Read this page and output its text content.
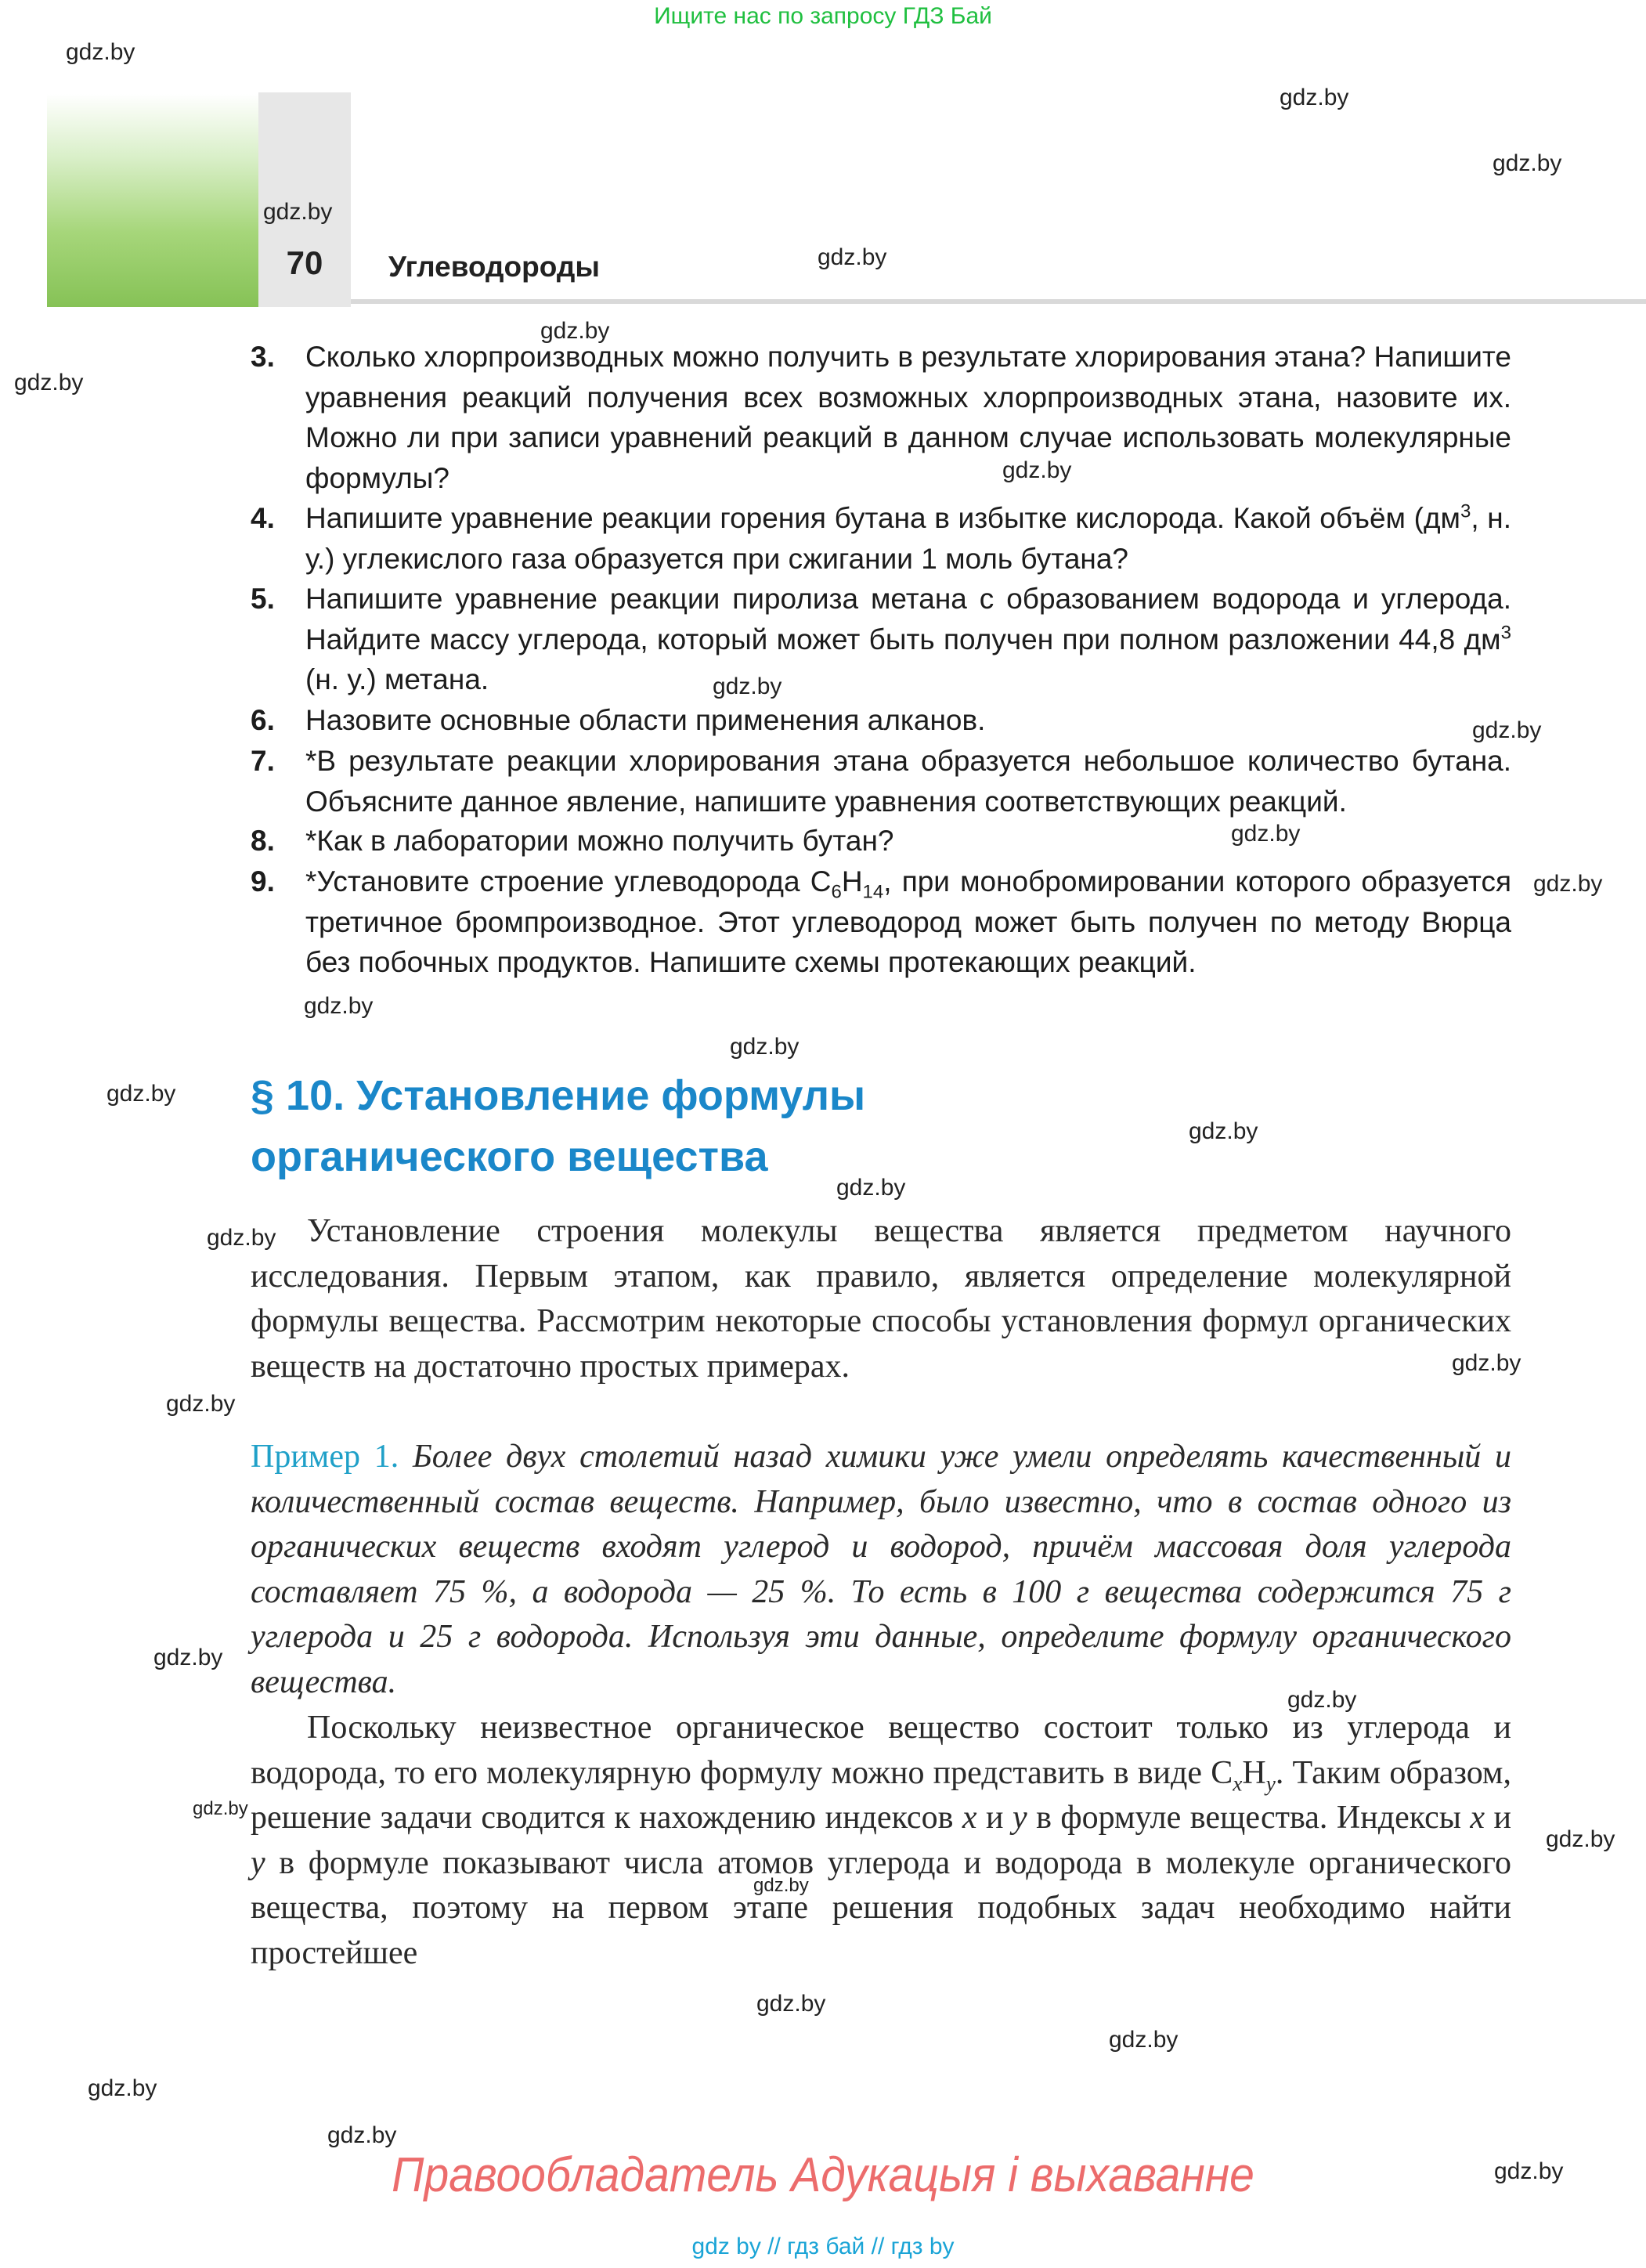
Ищите нас по запросу ГДЗ Бай
70	Углеводороды
gdz.by
gdz.by
gdz.by
gdz.by
gdz.by
gdz.by
gdz.by
gdz.by
gdz.by
gdz.by
gdz.by
gdz.by
gdz.by
gdz.by
gdz.by
gdz.by
gdz.by
gdz.by
gdz.by
gdz.by
gdz.by
gdz.by
gdz.by
gdz.by
gdz.by
gdz.by
gdz.by
gdz.by
gdz.by
gdz.by
3. Сколько хлорпроизводных можно получить в результате хлорирования этана? Напишите уравнения реакций получения всех возможных хлорпроизводных этана, назовите их. Можно ли при записи уравнений реакций в данном случае использовать молекулярные формулы?
4. Напишите уравнение реакции горения бутана в избытке кислорода. Какой объём ($дм^3$, н. у.) углекислого газа образуется при сжигании 1 моль бутана?
5. Напишите уравнение реакции пиролиза метана с образованием водорода и углерода. Найдите массу углерода, который может быть получен при полном разложении 44,8 $дм^3$ (н. у.) метана.
6. Назовите основные области применения алканов.
7. *В результате реакции хлорирования этана образуется небольшое количество бутана. Объясните данное явление, напишите уравнения соответствующих реакций.
8. *Как в лаборатории можно получить бутан?
9. *Установите строение углеводорода $C_6H_{14}$, при монобромировании которого образуется третичное бромпроизводное. Этот углеводород может быть получен по методу Вюрца без побочных продуктов. Напишите схемы протекающих реакций.
§ 10. Установление формулы
органического вещества
Установление строения молекулы вещества является предметом научного исследования. Первым этапом, как правило, является определение молекулярной формулы вещества. Рассмотрим некоторые способы установления формул органических веществ на достаточно простых примерах.
Пример 1. Более двух столетий назад химики уже умели определять качественный и количественный состав веществ. Например, было известно, что в состав одного из органических веществ входят углерод и водород, причём массовая доля углерода составляет 75 %, а водорода — 25 %. То есть в 100 г вещества содержится 75 г углерода и 25 г водорода. Используя эти данные, определите формулу органического вещества.
Поскольку неизвестное органическое вещество состоит только из углерода и водорода, то его молекулярную формулу можно представить в виде $C_xH_y$. Таким образом, решение задачи сводится к нахождению индексов x и y в формуле вещества. Индексы x и y в формуле показывают числа атомов углерода и водорода в молекуле органического вещества, поэтому на первом этапе решения подобных задач необходимо найти простейшее
Правообладатель Адукацыя і выхаванне
gdz by // гдз бай // гдз by
